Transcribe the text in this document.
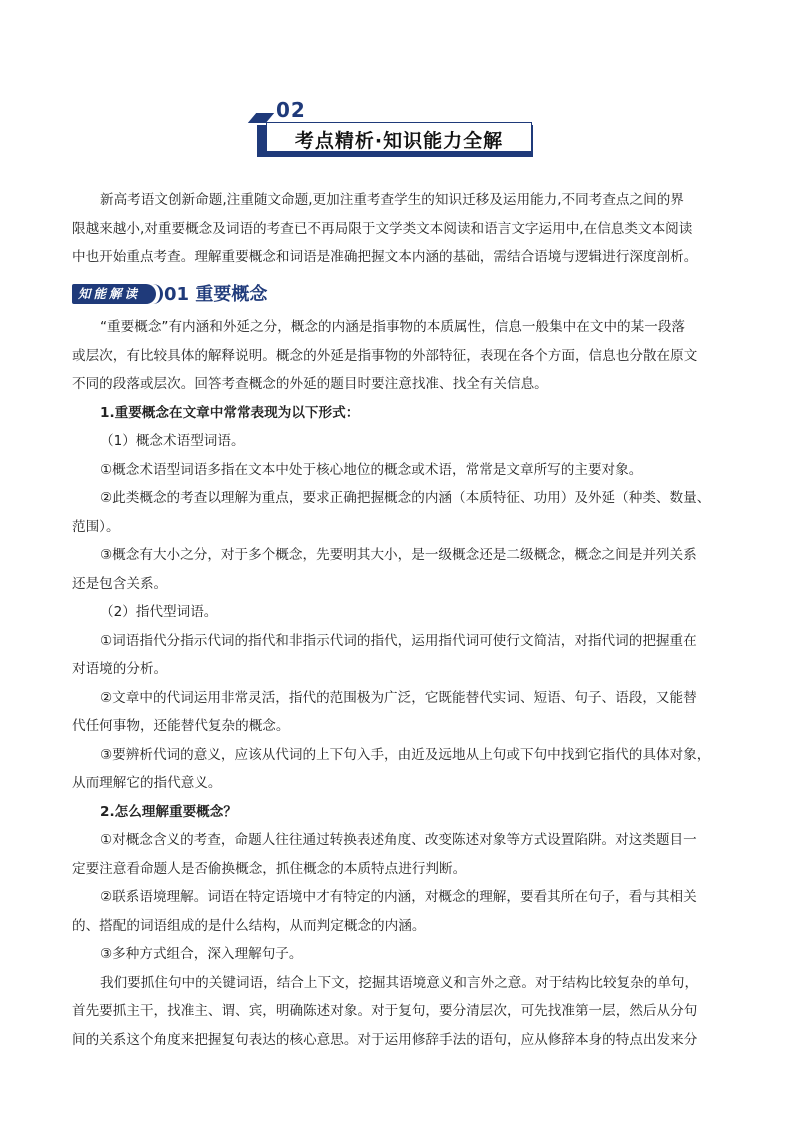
02
考点精析·知识能力全解

新高考语文创新命题,注重随文命题,更加注重考查学生的知识迁移及运用能力,不同考查点之间的界

限越来越小,对重要概念及词语的考查已不再局限于文学类文本阅读和语言文字运用中,在信息类文本阅读

中也开始重点考查。理解重要概念和词语是准确把握文本内涵的基础，需结合语境与逻辑进行深度剖析。

知能解读 01 重要概念

“重要概念”有内涵和外延之分，概念的内涵是指事物的本质属性，信息一般集中在文中的某一段落

或层次，有比较具体的解释说明。概念的外延是指事物的外部特征，表现在各个方面，信息也分散在原文

不同的段落或层次。回答考查概念的外延的题目时要注意找准、找全有关信息。

1.重要概念在文章中常常表现为以下形式：

（1）概念术语型词语。

①概念术语型词语多指在文本中处于核心地位的概念或术语，常常是文章所写的主要对象。

②此类概念的考查以理解为重点，要求正确把握概念的内涵（本质特征、功用）及外延（种类、数量、

范围）。

③概念有大小之分，对于多个概念，先要明其大小，是一级概念还是二级概念，概念之间是并列关系

还是包含关系。

（2）指代型词语。

①词语指代分指示代词的指代和非指示代词的指代，运用指代词可使行文简洁，对指代词的把握重在

对语境的分析。

②文章中的代词运用非常灵活，指代的范围极为广泛，它既能替代实词、短语、句子、语段，又能替

代任何事物，还能替代复杂的概念。

③要辨析代词的意义，应该从代词的上下句入手，由近及远地从上句或下句中找到它指代的具体对象，

从而理解它的指代意义。

2.怎么理解重要概念？

①对概念含义的考查，命题人往往通过转换表述角度、改变陈述对象等方式设置陷阱。对这类题目一

定要注意看命题人是否偷换概念，抓住概念的本质特点进行判断。

②联系语境理解。词语在特定语境中才有特定的内涵，对概念的理解，要看其所在句子，看与其相关

的、搭配的词语组成的是什么结构，从而判定概念的内涵。

③多种方式组合，深入理解句子。

我们要抓住句中的关键词语，结合上下文，挖掘其语境意义和言外之意。对于结构比较复杂的单句，

首先要抓主干，找准主、谓、宾，明确陈述对象。对于复句，要分清层次，可先找准第一层，然后从分句

间的关系这个角度来把握复句表达的核心意思。对于运用修辞手法的语句，应从修辞本身的特点出发来分
